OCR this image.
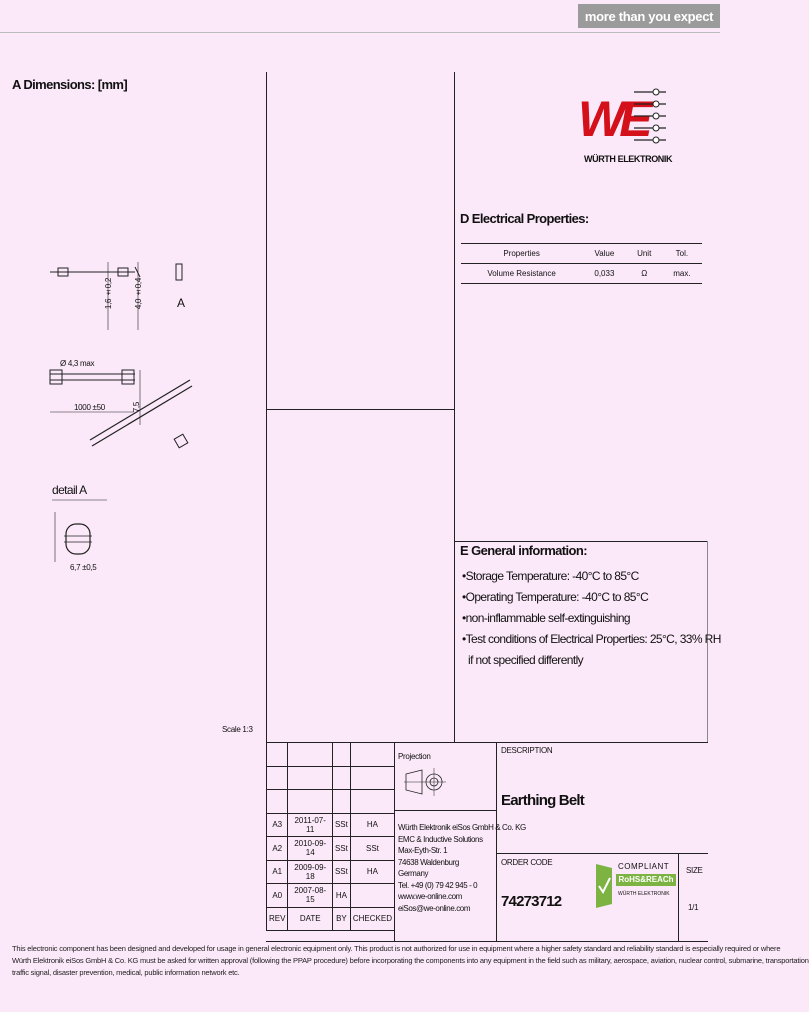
more than you expect
A Dimensions: [mm]
1,6 ±0,2	4,0 ±0,4	A
Ø 4,3 max
1000 ±50	7,5
detail A
6,7 ±0,5
Scale 1:3
WE
WÜRTH ELEKTRONIK
D Electrical Properties:
Properties	Value	Unit	Tol.
Volume Resistance	0,033	Ω	max.
E General information:
•Storage Temperature: -40°C to 85°C
•Operating Temperature: -40°C to 85°C
•non-inflammable self-extinguishing
•Test conditions of Electrical Properties: 25°C, 33% RH
if not specified differently

A3	2011-07-11	SSt	HA
A2	2010-09-14	SSt	SSt
A1	2009-09-18	SSt	HA
A0	2007-08-15	HA	
REV	DATE	BY	CHECKED
Projection
Würth Elektronik eiSos GmbH & Co. KG
EMC & Inductive Solutions
Max-Eyth-Str. 1
74638 Waldenburg
Germany
Tel. +49 (0) 79 42 945 - 0
www.we-online.com
eiSos@we-online.com
DESCRIPTION
Earthing Belt
ORDER CODE
74273712
COMPLIANT
RoHS&REACh
WÜRTH ELEKTRONIK
SIZE
1/1
This electronic component has been designed and developed for usage in general electronic equipment only. This product is not authorized for use in equipment where a higher safety standard and reliability standard is especially required or where
Würth Elektronik eiSos GmbH & Co. KG must be asked for written approval (following the PPAP procedure) before incorporating the components into any equipment in the field such as military, aerospace, aviation, nuclear control, submarine, transportation
traffic signal, disaster prevention, medical, public information network etc.
